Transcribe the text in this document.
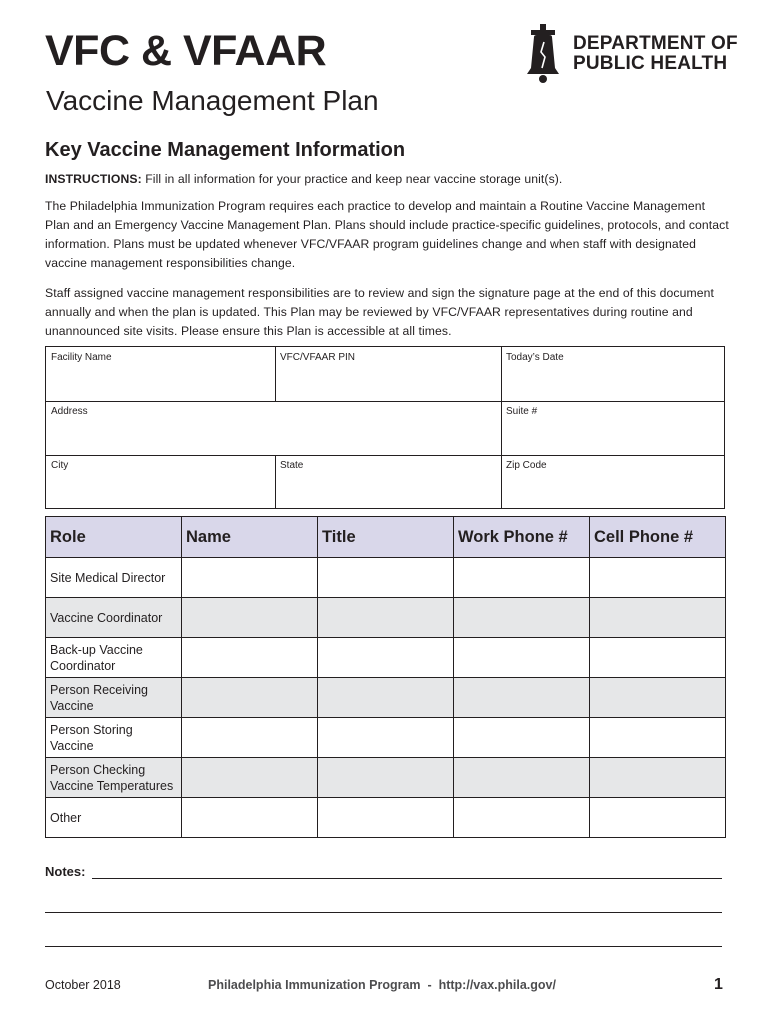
VFC & VFAAR
Vaccine Management Plan
DEPARTMENT OF
PUBLIC HEALTH
Key Vaccine Management Information

INSTRUCTIONS: Fill in all information for your practice and keep near vaccine storage unit(s).

The Philadelphia Immunization Program requires each practice to develop and maintain a Routine Vaccine Management Plan and an Emergency Vaccine Management Plan. Plans should include practice-specific guidelines, protocols, and contact information. Plans must be updated whenever VFC/VFAAR program guidelines change and when staff with designated vaccine management responsibilities change.

Staff assigned vaccine management responsibilities are to review and sign the signature page at the end of this document annually and when the plan is updated. This Plan may be reviewed by VFC/VFAAR representatives during routine and unannounced site visits. Please ensure this Plan is accessible at all times.

Facility Name	VFC/VFAAR PIN	Today’s Date
Address	Suite #
City	State	Zip Code
Role	Name	Title	Work Phone #	Cell Phone #
Site Medical Director				
Vaccine Coordinator				
Back-up Vaccine Coordinator				
Person Receiving Vaccine				
Person Storing Vaccine				
Person Checking Vaccine Temperatures				
Other				
Notes:
October 2018	Philadelphia Immunization Program  -  http://vax.phila.gov/	1
